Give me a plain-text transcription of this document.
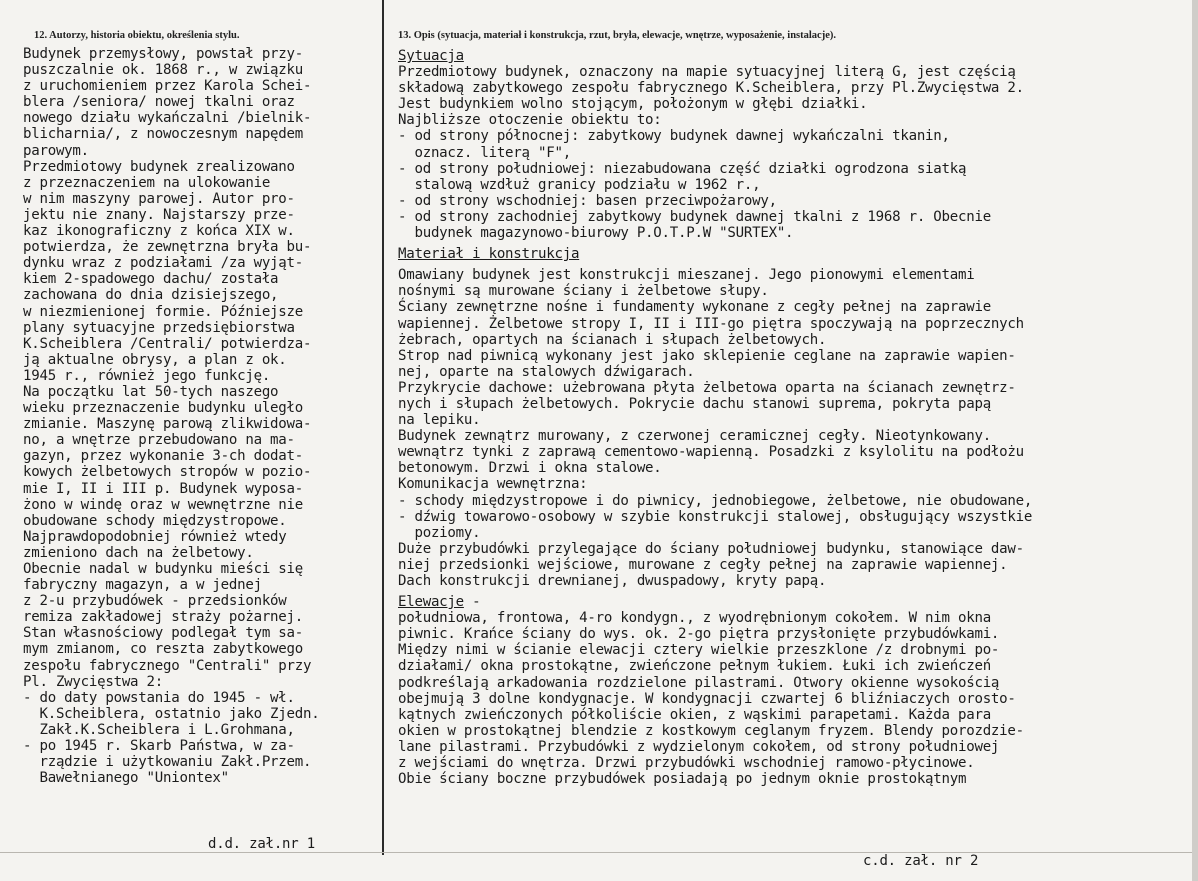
12. Autorzy, historia obiektu, określenia stylu.	13. Opis (sytuacja, materiał i konstrukcja, rzut, bryła, elewacje, wnętrze, wyposażenie, instalacje).

Budynek przemysłowy, powstał przy-

puszczalnie ok. 1868 r., w związku

z uruchomieniem przez Karola Schei-

blera /seniora/ nowej tkalni oraz

nowego działu wykańczalni /bielnik-

blicharnia/, z nowoczesnym napędem

parowym.

Przedmiotowy budynek zrealizowano

z przeznaczeniem na ulokowanie

w nim maszyny parowej. Autor pro-

jektu nie znany. Najstarszy prze-

kaz ikonograficzny z końca XIX w.

potwierdza, że zewnętrzna bryła bu-

dynku wraz z podziałami /za wyjąt-

kiem 2-spadowego dachu/ została

zachowana do dnia dzisiejszego,

w niezmienionej formie. Późniejsze

plany sytuacyjne przedsiębiorstwa

K.Scheiblera /Centrali/ potwierdza-

ją aktualne obrysy, a plan z ok.

1945 r., również jego funkcję.

Na początku lat 50-tych naszego

wieku przeznaczenie budynku uległo

zmianie. Maszynę parową zlikwidowa-

no, a wnętrze przebudowano na ma-

gazyn, przez wykonanie 3-ch dodat-

kowych żelbetowych stropów w pozio-

mie I, II i III p. Budynek wyposa-

żono w windę oraz w wewnętrzne nie

obudowane schody międzystropowe.

Najprawdopodobniej również wtedy

zmieniono dach na żelbetowy.

Obecnie nadal w budynku mieści się

fabryczny magazyn, a w jednej

z 2-u przybudówek - przedsionków

remiza zakładowej straży pożarnej.

Stan własnościowy podlegał tym sa-

mym zmianom, co reszta zabytkowego

zespołu fabrycznego "Centrali" przy

Pl. Zwycięstwa 2:

- do daty powstania do 1945 - wł.

K.Scheiblera, ostatnio jako Zjedn.

Zakł.K.Scheiblera i L.Grohmana,

- po 1945 r. Skarb Państwa, w za-

rządzie i użytkowaniu Zakł.Przem.

Bawełnianego "Uniontex"

Sytuacja

Przedmiotowy budynek, oznaczony na mapie sytuacyjnej literą G, jest częścią

składową zabytkowego zespołu fabrycznego K.Scheiblera, przy Pl.Zwycięstwa 2.

Jest budynkiem wolno stojącym, położonym w głębi działki.

Najbliższe otoczenie obiektu to:

- od strony północnej: zabytkowy budynek dawnej wykańczalni tkanin,

oznacz. literą "F",

- od strony południowej: niezabudowana część działki ogrodzona siatką

stalową wzdłuż granicy podziału w 1962 r.,

- od strony wschodniej: basen przeciwpożarowy,

- od strony zachodniej zabytkowy budynek dawnej tkalni z 1968 r. Obecnie

budynek magazynowo-biurowy P.O.T.P.W "SURTEX".

Materiał i konstrukcja

Omawiany budynek jest konstrukcji mieszanej. Jego pionowymi elementami

nośnymi są murowane ściany i żelbetowe słupy.

Ściany zewnętrzne nośne i fundamenty wykonane z cegły pełnej na zaprawie

wapiennej. Żelbetowe stropy I, II i III-go piętra spoczywają na poprzecznych

żebrach, opartych na ścianach i słupach żelbetowych.

Strop nad piwnicą wykonany jest jako sklepienie ceglane na zaprawie wapien-

nej, oparte na stalowych dźwigarach.

Przykrycie dachowe: użebrowana płyta żelbetowa oparta na ścianach zewnętrz-

nych i słupach żelbetowych. Pokrycie dachu stanowi suprema, pokryta papą

na lepiku.

Budynek zewnątrz murowany, z czerwonej ceramicznej cegły. Nieotynkowany.

wewnątrz tynki z zaprawą cementowo-wapienną. Posadzki z ksylolitu na podłożu

betonowym. Drzwi i okna stalowe.

Komunikacja wewnętrzna:

- schody międzystropowe i do piwnicy, jednobiegowe, żelbetowe, nie obudowane,

- dźwig towarowo-osobowy w szybie konstrukcji stalowej, obsługujący wszystkie

poziomy.

Duże przybudówki przylegające do ściany południowej budynku, stanowiące daw-

niej przedsionki wejściowe, murowane z cegły pełnej na zaprawie wapiennej.

Dach konstrukcji drewnianej, dwuspadowy, kryty papą.

Elewacje -

południowa, frontowa, 4-ro kondygn., z wyodrębnionym cokołem. W nim okna

piwnic. Krańce ściany do wys. ok. 2-go piętra przysłonięte przybudówkami.

Między nimi w ścianie elewacji cztery wielkie przeszklone /z drobnymi po-

działami/ okna prostokątne, zwieńczone pełnym łukiem. Łuki ich zwieńczeń

podkreślają arkadowania rozdzielone pilastrami. Otwory okienne wysokością

obejmują 3 dolne kondygnacje. W kondygnacji czwartej 6 bliźniaczych orosto-

kątnych zwieńczonych półkoliście okien, z wąskimi parapetami. Każda para

okien w prostokątnej blendzie z kostkowym ceglanym fryzem. Blendy porozdzie-

lane pilastrami. Przybudówki z wydzielonym cokołem, od strony południowej

z wejściami do wnętrza. Drzwi przybudówki wschodniej ramowo-płycinowe.

Obie ściany boczne przybudówek posiadają po jednym oknie prostokątnym

d.d. zał.nr 1
c.d. zał. nr 2
